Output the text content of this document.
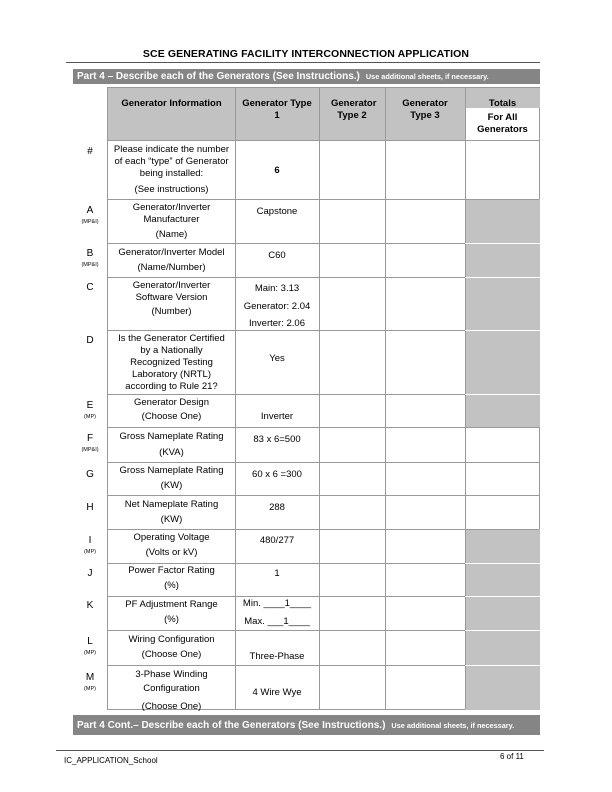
SCE GENERATING FACILITY INTERCONNECTION APPLICATION
Part 4 – Describe each of the Generators (See Instructions.) Use additional sheets, if necessary.
Generator Information	Generator Type 1
Generator Type 2
Generator Type 3
Totals
For All Generators
Please indicate the number of each “type” of Generator being installed:
(See instructions)
Generator/Inverter Manufacturer
(Name)
Generator/Inverter Model
(Name/Number)
Generator/Inverter Software Version
(Number)
Is the Generator Certified by a Nationally Recognized Testing Laboratory (NRTL) according to Rule 21?
Generator Design
(Choose One)
Gross Nameplate Rating
(KVA)
Gross Nameplate Rating
(KW)
Net Nameplate Rating
(KW)
Operating Voltage
(Volts or kV)
Power Factor Rating
(%)
PF Adjustment Range
(%)
Wiring Configuration
(Choose One)
3-Phase Winding
Configuration
(Choose One)
6
Capstone
C60
Main: 3.13
Generator: 2.04
Inverter: 2.06
Yes
Inverter
83 x 6=500
60 x 6 =300
288
480/277
1
Min. ____1____
Max. ___1____
Three-Phase
4 Wire Wye
#
A
(MP&I)
B
(MP&I)
C
D
E
(MP)
F
(MP&I)
G
H
I
(MP)
J
K
L
(MP)
M
(MP)
Part 4 Cont.– Describe each of the Generators (See Instructions.) Use additional sheets, if necessary.
IC_APPLICATION_School	6 of 11
